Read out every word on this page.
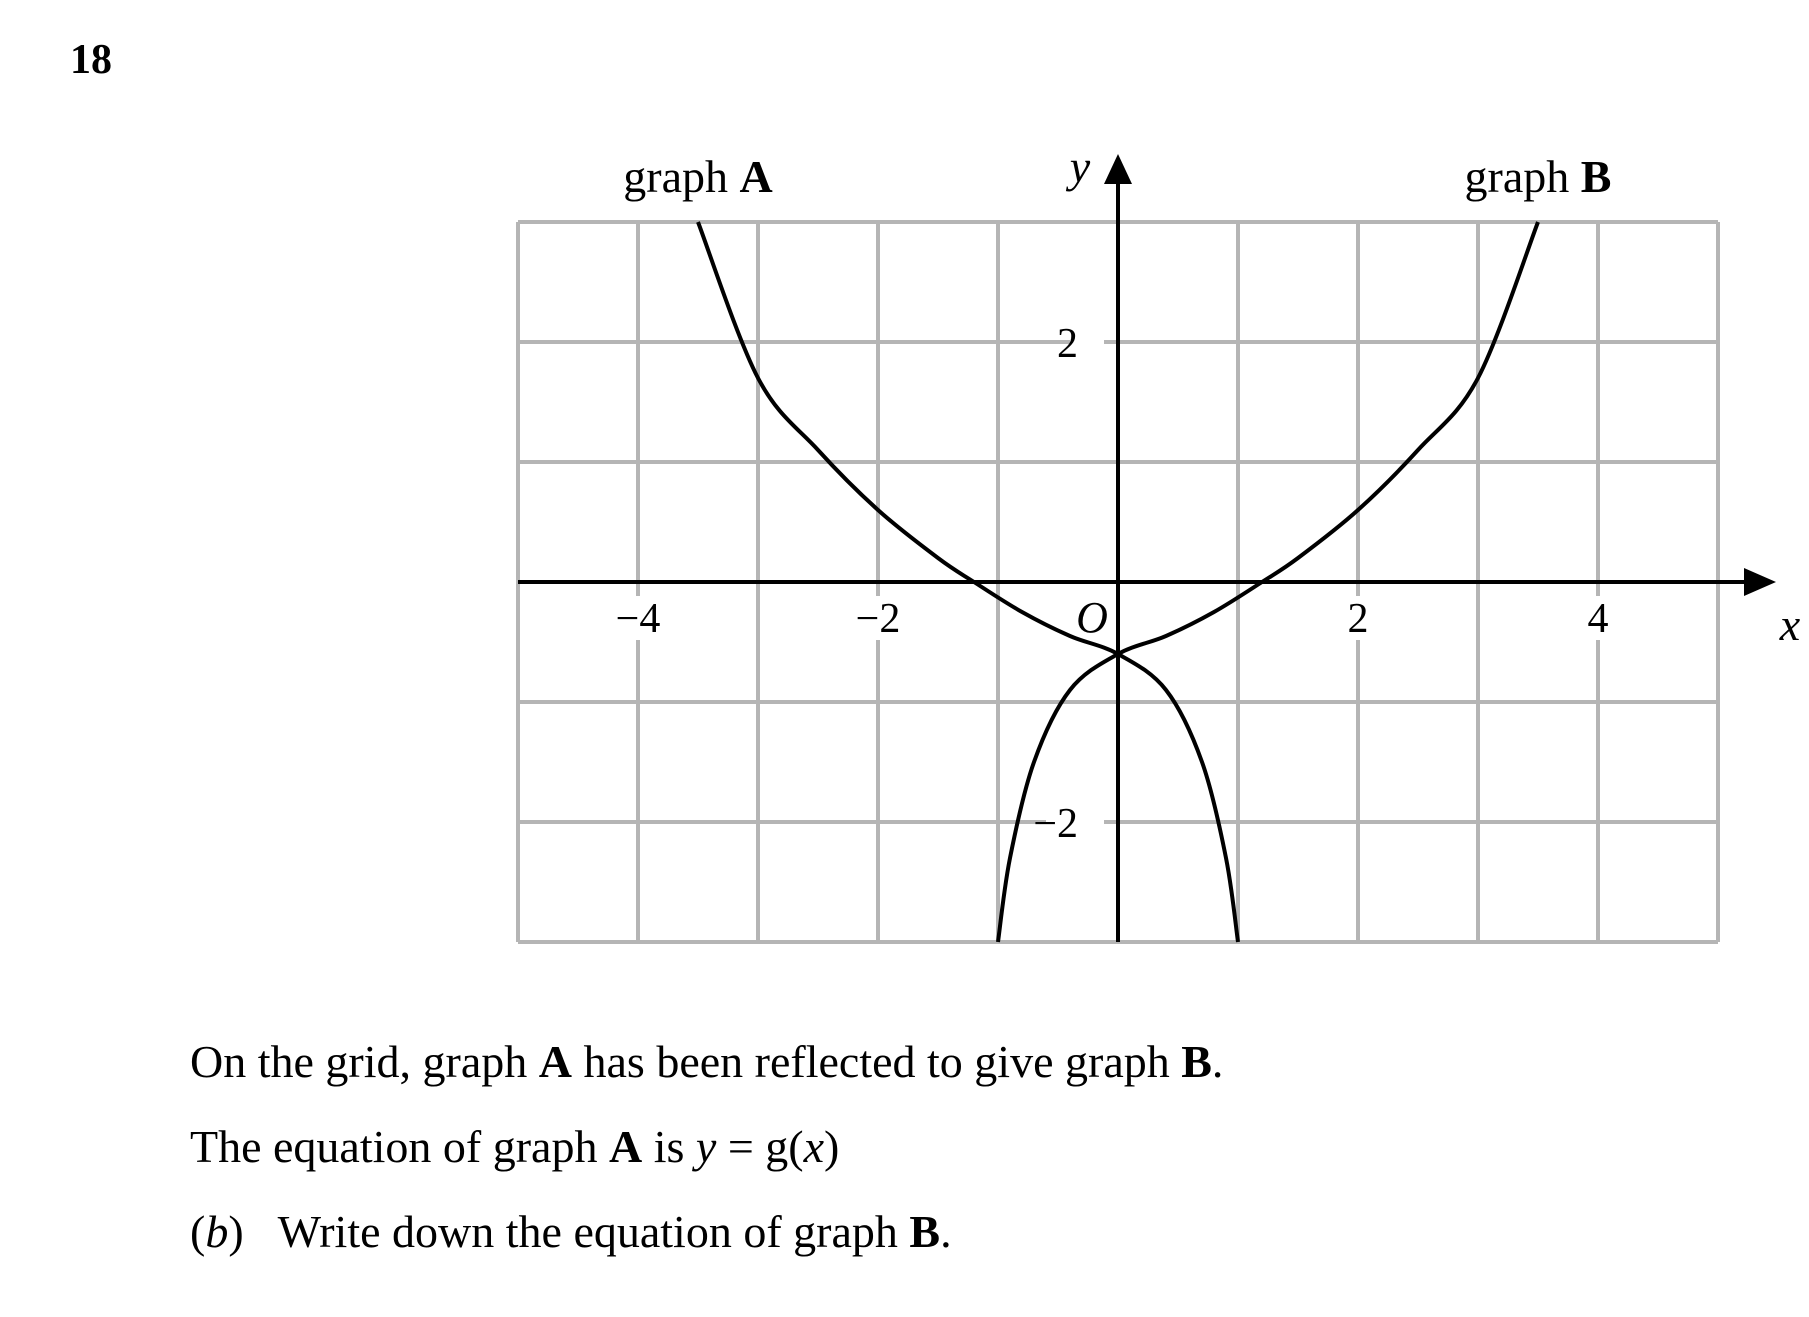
18
−4	−2	2	4
2
−2
x
y
O
graph A	graph B
On the grid, graph A has been reflected to give graph B.
The equation of graph A is y = g(x)
(b) Write down the equation of graph B.
